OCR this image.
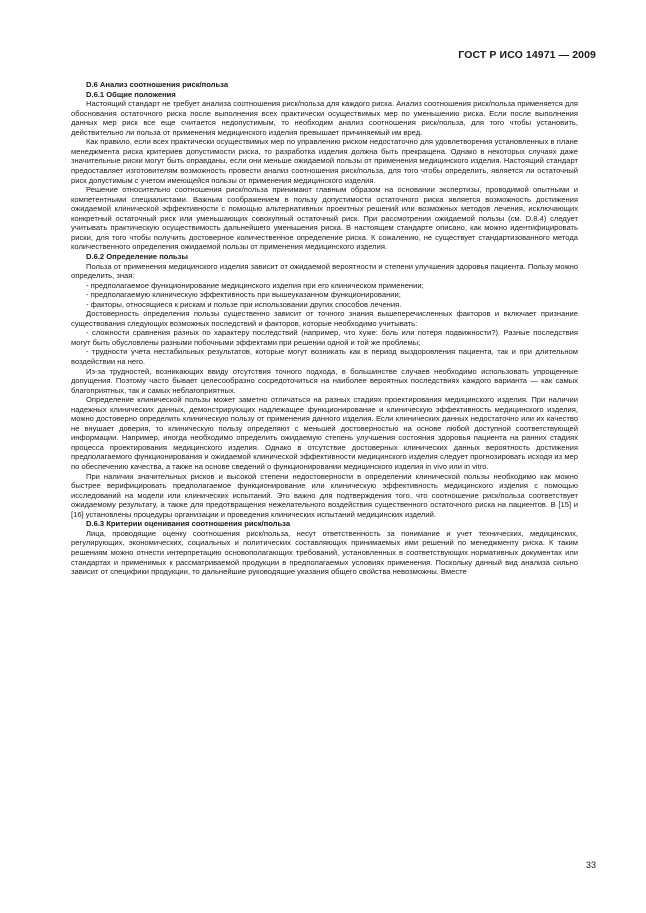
ГОСТ Р ИСО 14971 — 2009
D.6 Анализ соотношения риск/польза
D.6.1 Общие положения

Настоящий стандарт не требует анализа соотношения риск/польза для каждого риска. Анализ соотношения риск/польза применяется для обоснования остаточного риска после выполнения всех практически осуществимых мер по уменьшению риска. Если после выполнения данных мер риск все еще считается недопустимым, то необходим анализ соотношения риск/польза, для того чтобы установить, действительно ли польза от применения медицинского изделия превышает причиняемый им вред.

Как правило, если всех практически осуществимых мер по управлению риском недостаточно для удовлетворения установленных в плане менеджмента риска критериев допустимости риска, то разработка изделия должна быть прекращена. Однако в некоторых случаях даже значительные риски могут быть оправданы, если они меньше ожидаемой пользы от применения медицинского изделия. Настоящий стандарт предоставляет изготовителям возможность провести анализ соотношения риск/польза, для того чтобы определить, является ли остаточный риск допустимым с учетом имеющейся пользы от применения медицинского изделия.

Решение относительно соотношения риск/польза принимают главным образом на основании экспертизы, проводимой опытными и компетентными специалистами. Важным соображением в пользу допустимости остаточного риска является возможность достижения ожидаемой клинической эффективности с помощью альтернативных проектных решений или возможных методов лечения, исключающих конкретный остаточный риск или уменьшающих совокупный остаточный риск. При рассмотрении ожидаемой пользы (см. D.8.4) следует учитывать практическую осуществимость дальнейшего уменьшения риска. В настоящем стандарте описано, как можно идентифицировать риски, для того чтобы получить достоверное количественное определение риска. К сожалению, не существует стандартизованного метода количественного определения ожидаемой пользы от применения медицинского изделия.

D.6.2 Определение пользы

Польза от применения медицинского изделия зависит от ожидаемой вероятности и степени улучшения здоровья пациента. Пользу можно определить, зная:

- предполагаемое функционирование медицинского изделия при его клиническом применении;

- предполагаемую клиническую эффективность при вышеуказанном функционировании;

- факторы, относящиеся к рискам и пользе при использовании других способов лечения.

Достоверность определения пользы существенно зависит от точного знания вышеперечисленных факторов и включает признание существования следующих возможных последствий и факторов, которые необходимо учитывать:

- сложности сравнения разных по характеру последствий (например, что хуже: боль или потеря подвижности?). Разные последствия могут быть обусловлены разными побочными эффектами при решении одной и той же проблемы;

- трудности учета нестабильных результатов, которые могут возникать как в период выздоровления пациента, так и при длительном воздействии на него.

Из-за трудностей, возникающих ввиду отсутствия точного подхода, в большинстве случаев необходимо использовать упрощенные допущения. Поэтому часто бывает целесообразно сосредоточиться на наиболее вероятных последствиях каждого варианта — как самых благоприятных, так и самых неблагоприятных.

Определение клинической пользы может заметно отличаться на разных стадиях проектирования медицинского изделия. При наличии надежных клинических данных, демонстрирующих надлежащее функционирование и клиническую эффективность медицинского изделия, можно достоверно определить клиническую пользу от применения данного изделия. Если клинических данных недостаточно или их качество не внушает доверия, то клиническую пользу определяют с меньшей достоверностью на основе любой доступной соответствующей информации. Например, иногда необходимо определить ожидаемую степень улучшения состояния здоровья пациента на ранних стадиях процесса проектирования медицинского изделия. Однако в отсутствие достоверных клинических данных вероятность достижения предполагаемого функционирования и ожидаемой клинической эффективности медицинского изделия следует прогнозировать исходя из мер по обеспечению качества, а также на основе сведений о функционировании медицинского изделия in vivo или in vitro.

При наличии значительных рисков и высокой степени недостоверности в определении клинической пользы необходимо как можно быстрее верифицировать предполагаемое функционирование или клиническую эффективность медицинского изделия с помощью исследований на модели или клинических испытаний. Это важно для подтверждения того, что соотношение риск/польза соответствует ожидаемому результату, а также для предотвращения нежелательного воздействия существенного остаточного риска на пациентов. В [15] и [16] установлены процедуры организации и проведения клинических испытаний медицинских изделий.

D.6.3 Критерии оценивания соотношения риск/польза

Лица, проводящие оценку соотношения риск/польза, несут ответственность за понимание и учет технических, медицинских, регулирующих, экономических, социальных и политических составляющих принимаемых ими решений по менеджменту риска. К таким решениям можно отнести интерпретацию основополагающих требований, установленных в соответствующих нормативных документах или стандартах и применимых к рассматриваемой продукции в предполагаемых условиях применения. Поскольку данный вид анализа сильно зависит от специфики продукции, то дальнейшие руководящие указания общего свойства невозможны. Вместе

33
